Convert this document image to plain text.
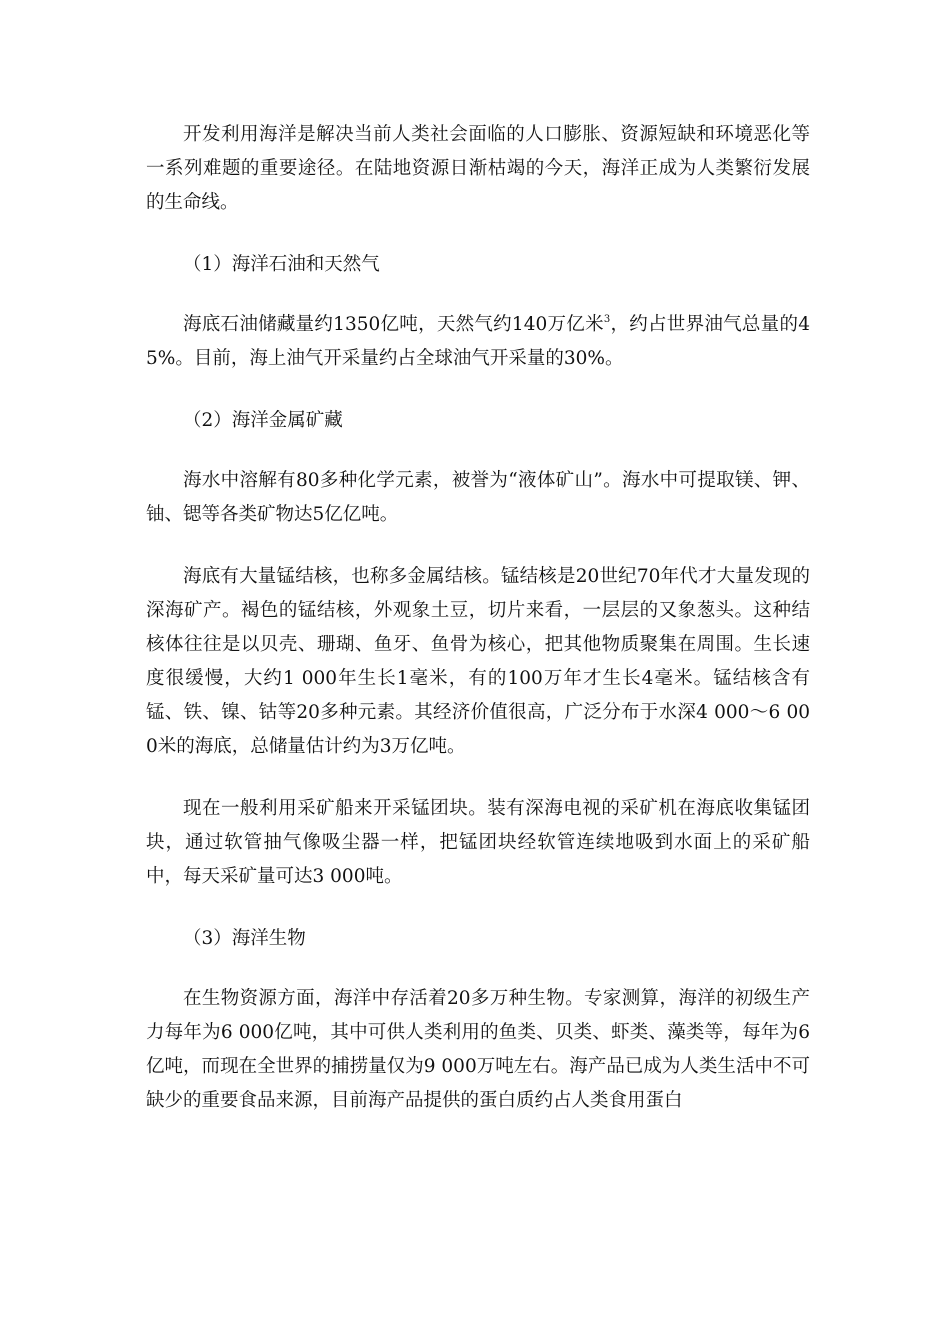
开发利用海洋是解决当前人类社会面临的人口膨胀、资源短缺和环境恶化等一系列难题的重要途径。在陆地资源日渐枯竭的今天，海洋正成为人类繁衍发展的生命线。

（1）海洋石油和天然气

海底石油储藏量约1350亿吨，天然气约140万亿米$^3$，约占世界油气总量的45%。目前，海上油气开采量约占全球油气开采量的30%。

（2）海洋金属矿藏

海水中溶解有80多种化学元素，被誉为“液体矿山”。海水中可提取镁、钾、铀、锶等各类矿物达5亿亿吨。

海底有大量锰结核，也称多金属结核。锰结核是20世纪70年代才大量发现的深海矿产。褐色的锰结核，外观象土豆，切片来看，一层层的又象葱头。这种结核体往往是以贝壳、珊瑚、鱼牙、鱼骨为核心，把其他物质聚集在周围。生长速度很缓慢，大约1 000年生长1毫米，有的100万年才生长4毫米。锰结核含有锰、铁、镍、钴等20多种元素。其经济价值很高，广泛分布于水深4 000～6 000米的海底，总储量估计约为3万亿吨。

现在一般利用采矿船来开采锰团块。装有深海电视的采矿机在海底收集锰团块，通过软管抽气像吸尘器一样，把锰团块经软管连续地吸到水面上的采矿船中，每天采矿量可达3 000吨。

（3）海洋生物

在生物资源方面，海洋中存活着20多万种生物。专家测算，海洋的初级生产力每年为6 000亿吨，其中可供人类利用的鱼类、贝类、虾类、藻类等，每年为6亿吨，而现在全世界的捕捞量仅为9 000万吨左右。海产品已成为人类生活中不可缺少的重要食品来源，目前海产品提供的蛋白质约占人类食用蛋白
